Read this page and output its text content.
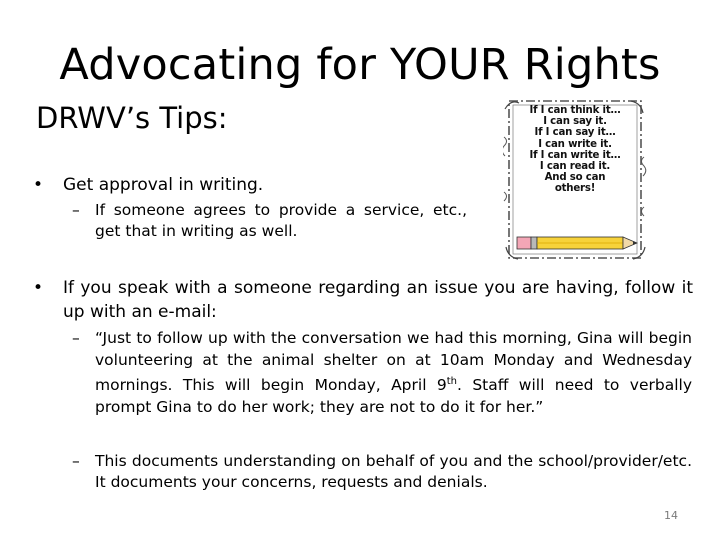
Advocating for YOUR Rights
DRWV’s Tips:
• Get approval in writing.
– If someone agrees to provide a service, etc., get that in writing as well.
• If you speak with a someone regarding an issue you are having, follow it up with an e-mail:
– “Just to follow up with the conversation we had this morning, Gina will begin volunteering at the animal shelter on at 10am Monday and Wednesday mornings. This will begin Monday, April 9th. Staff will need to verbally prompt Gina to do her work; they are not to do it for her.”
– This documents understanding on behalf of you and the school/provider/etc. It documents your concerns, requests and denials.
14
If I can think it…
I can say it.
If I can say it…
I can write it.
If I can write it…
I can read it.
And so can
others!
